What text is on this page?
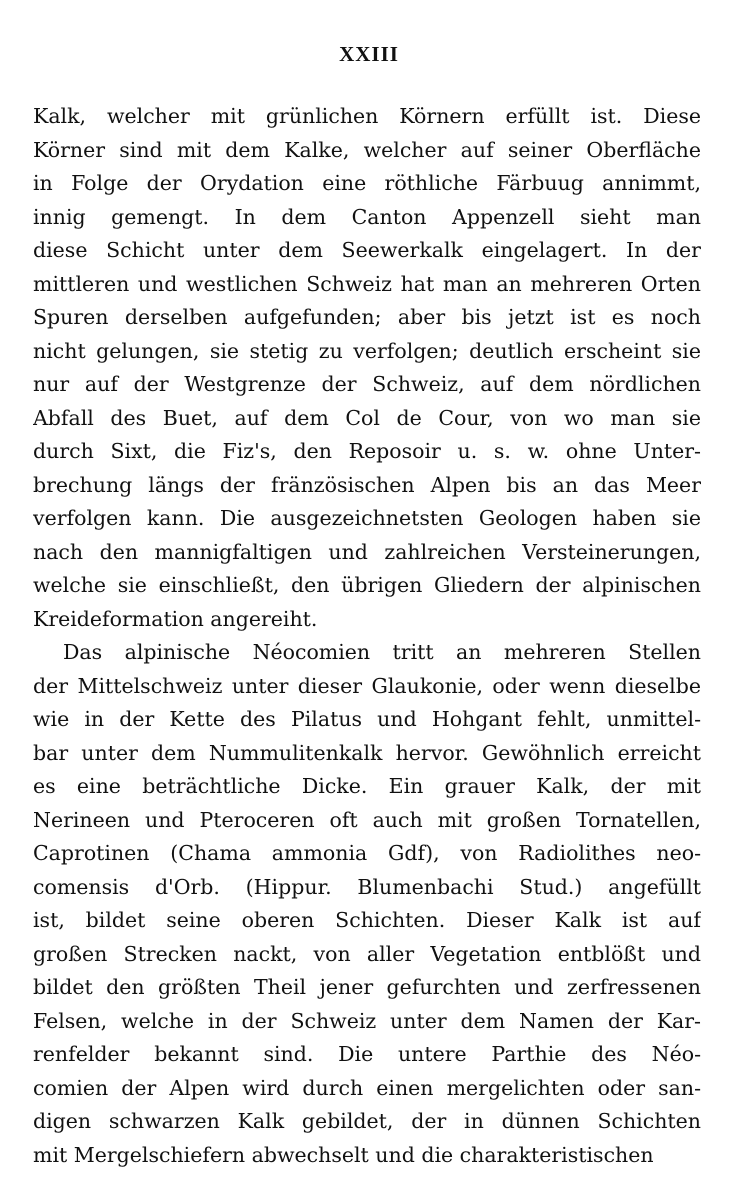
XXIII
Kalk, welcher mit grünlichen Körnern erfüllt ist. Diese
Körner sind mit dem Kalke, welcher auf seiner Oberfläche
in Folge der Orydation eine röthliche Färbuug annimmt,
innig gemengt. In dem Canton Appenzell sieht man
diese Schicht unter dem Seewerkalk eingelagert. In der
mittleren und westlichen Schweiz hat man an mehreren Orten
Spuren derselben aufgefunden; aber bis jetzt ist es noch
nicht gelungen, sie stetig zu verfolgen; deutlich erscheint sie
nur auf der Westgrenze der Schweiz, auf dem nördlichen
Abfall des Buet, auf dem Col de Cour, von wo man sie
durch Sixt, die Fiz's, den Reposoir u. s. w. ohne Unter-
brechung längs der fränzösischen Alpen bis an das Meer
verfolgen kann. Die ausgezeichnetsten Geologen haben sie
nach den mannigfaltigen und zahlreichen Versteinerungen,
welche sie einschließt, den übrigen Gliedern der alpinischen
Kreideformation angereiht.
Das alpinische Néocomien tritt an mehreren Stellen
der Mittelschweiz unter dieser Glaukonie, oder wenn dieselbe
wie in der Kette des Pilatus und Hohgant fehlt, unmittel-
bar unter dem Nummulitenkalk hervor. Gewöhnlich erreicht
es eine beträchtliche Dicke. Ein grauer Kalk, der mit
Nerineen und Pteroceren oft auch mit großen Tornatellen,
Caprotinen (Chama ammonia Gdf), von Radiolithes neo-
comensis d'Orb. (Hippur. Blumenbachi Stud.) angefüllt
ist, bildet seine oberen Schichten. Dieser Kalk ist auf
großen Strecken nackt, von aller Vegetation entblößt und
bildet den größten Theil jener gefurchten und zerfressenen
Felsen, welche in der Schweiz unter dem Namen der Kar-
renfelder bekannt sind. Die untere Parthie des Néo-
comien der Alpen wird durch einen mergelichten oder san-
digen schwarzen Kalk gebildet, der in dünnen Schichten
mit Mergelschiefern abwechselt und die charakteristischen
